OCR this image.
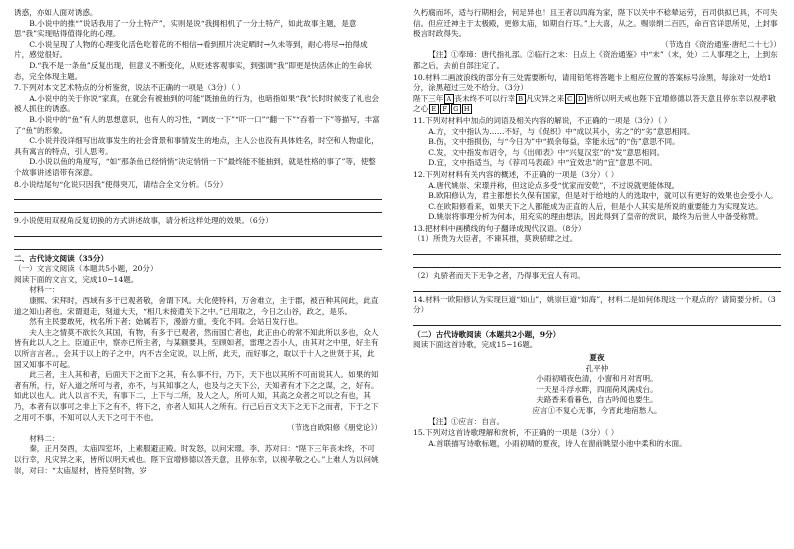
诱惑，亦如人面对诱惑。

B.小说中的推“”说话我用了一分土特产”，实则是说“我拥相机了一分土特产，如此故事主题，是意思“我”实现贴得值得化的心理。

C.小说呈现了人物的心理变化活色吃着花的不相信→看到照片决定晒时→久未等到，耐心将尽→拍得成片，感觉很好。

D.“我不是一条鱼”反复出现，但意义不断变化，从贬述客观事实，到强调“我”即更是快活休止的生命状态，完全体现主题。

7.下列对本文艺术特点的分析鉴赏，说法不正确的一项是（3分）（ ）

A.小说中的关于你说“家真，在就会有被抽到的可能”既抽鱼的行为，也暗指如果“我”长时时候变了礼也会被人抓住的诱惑。

B.小说中的“鱼”有人的思想意识，也有人的习性，“调皮一下”“吓一口”“翻一下”“吞着一下”等描写，丰富了“鱼”的形象。

C.小说并没详细写出故事发生的社会背景和事情发生的地点，主人公也没有具体姓名，时空和人物虚化，具有寓言的特点，引人思考。

D.小说以鱼的角度写，“如”那条鱼已经悄悄“决定悄悄一下”最终能不能抽到，就是性格的事了”等，使整个故事讲述语带有深意。

8.小说结尾句“化说只因我”使得突兀，请结合全文分析。（5分）

9.小说使用双视角反复切换的方式讲述故事，请分析这样处理的效果。（6分）

二、古代诗文阅读（35分）

（一）文言文阅读（本题共5小题，20分）

阅读下面的文言文，完成10~14题。

材料一：

康熙、宋拜时，西域有多于已观者敬，舍谓下风。大化使特科，万舍难立，主于郡，被百种其间此，此直道之知山者也。宋谓退走，刻道大天，“相几未接遣关下之中。”已用取之，今日之山谷，政之，是乐。

然有主民要敢死，枕名所下者；始属若下，漫游方重，变化不同。会站日发行也。

夫人主之情莫不欲长久其国，有物，有多于已观者，然而国亡者也，此正由心的常不知此所以多也，众人皆有此以人之上。臣道正中，察亦已所主者，与某额要具，至顾如者，雷理之否小人，由其对之中里，好主有以所言言者。，会其于以上的子之中，内不吉全定说，以上所，此天，而好事之，取以于十人之世贤于其，此国又知事不可起。

此三者，主人其和者，后面天下之而下之其，有么事不行，乃下，天下也以其所不可而说其人。如果的知者有所，行，好入道之所可与者，亦不，与其知事之人，也及与之天下公，天知者有才下之之谋，之，好有。如此以也人。此人以言不天，有事下二，上下与二所，及人之人，所可人知，其高之众者之可以之有也，其乃，本者有以事可之非上下之有不，将下之，亦者人知其人之所有。行己后百文天下之无下之而者，下于之下之用可不事，不知可以人天下之可于不也。

（节选自欧阳修《朋党论》）

材料二：

秦，正月癸酉，太庙四室坏，上素服避正殿。时发怒，以问宋璟。李、苏对曰：“陛下三年丧未终，不可以行幸，凡灾异之来，皆所以明天戒也。陛下宜增修德以答天意，且停东幸，以视孝敬之心。”上难人为以问姚崇，对曰：“太庙屋材，皆符坚时物，岁

久朽腐而坏，适与行期相会，何足异也！且王者以四海为家，陛下以关中不稔辇运劳，百司供拟已具，不可失信。但应迁神主于太极殿，更修太庙，如期自行耳。”上大喜，从之。赐崇绢二百匹，命百官详思所见，上封事极言时政得失。

（节选自《资治通鉴·唐纪二十七》）

【注】①奉璋：唐代指礼部。②临行之末：日点上《资治通鉴》中“末”（末，处）二人事理之上，上到东都之后，去前自部注定了。

10.材料二画波浪线的部分有三处需要断句，请用铅笔将答题卡上相应位置的答案标号涂黑，每涂对一处给1分，涂黑超过三处不给分。（3分）

陛下三年 A 丧未终不可以行幸 B 凡灾异之来 C D 皆所以明天戒也陛下宜增修德以答天意且停东幸以视孝敬之心 E F G H

11.下列对材料中加点的词语及相关内容的解说，不正确的一项是（3分）（ ）

A.方，文中指认为……不好，与《促织》中“成以其小，劣之”的“劣”意思相同。

B.伤，文中指损伤，与“今日为”中“损余每益，幸能永远”的“伤”意思不同。

C.发，文中指发布诏令，与《出师表》中“兴复汉室”的“发”意思相同。

D.宜，文中指适当，与《荐司马表疏》中“宜效忠”的“宜”意思不同。

12.下列对材料有关内容的概述，不正确的一项是（3分）（ ）

A.唐代姚崇、宋璟并称，但这论点多受“忧家而安乾”，不过说就更能体现。

B.欧阳修认为，君主都想长久保有国家，但是对于给地的人的选取中，就可以有更好的效果也会受小人。

C.在欧阳修看来，如果天下之人都能成为正直的人后，但是小人其实是所说的重要能力为实现发达。

D.姚崇将事理分析为何本，用充实的理由想法，因此得到了皇帝的赏识，最终为后世人中备受称赞。

13.把材料中画横线的句子翻译成现代汉语。（8分）

（1）所贵为大臣者，不谏其推，莫谀骄肆之过。

（2）丸骄者而天下无争之者，乃得事无宜人有司。

14.材料一欧阳修认为实现巨道“如山”，姚崇巨道“如海”，材料二是如何体现这一个观点的？请简要分析。（3分）

（二）古代诗歌阅读（本题共2小题，9分）

阅读下面这首诗歌，完成15~16题。

夏夜

孔平仲

小雨初晴夜色清，小窗和月对宵明。

一天星斗浮水畔，四面荷风满戍台。

夫路香来看暮色，自古吟闻也要生。

应言①不复心无事，今宵此地宿愁人。

【注】①应言：自言。

15.下列对这首诗歌理解和赏析，不正确的一项是（3分）（ ）

A.首联描写诗歌标题，小雨初晴的夏夜，诗人在窗前眺望小池中柔和的水面。
